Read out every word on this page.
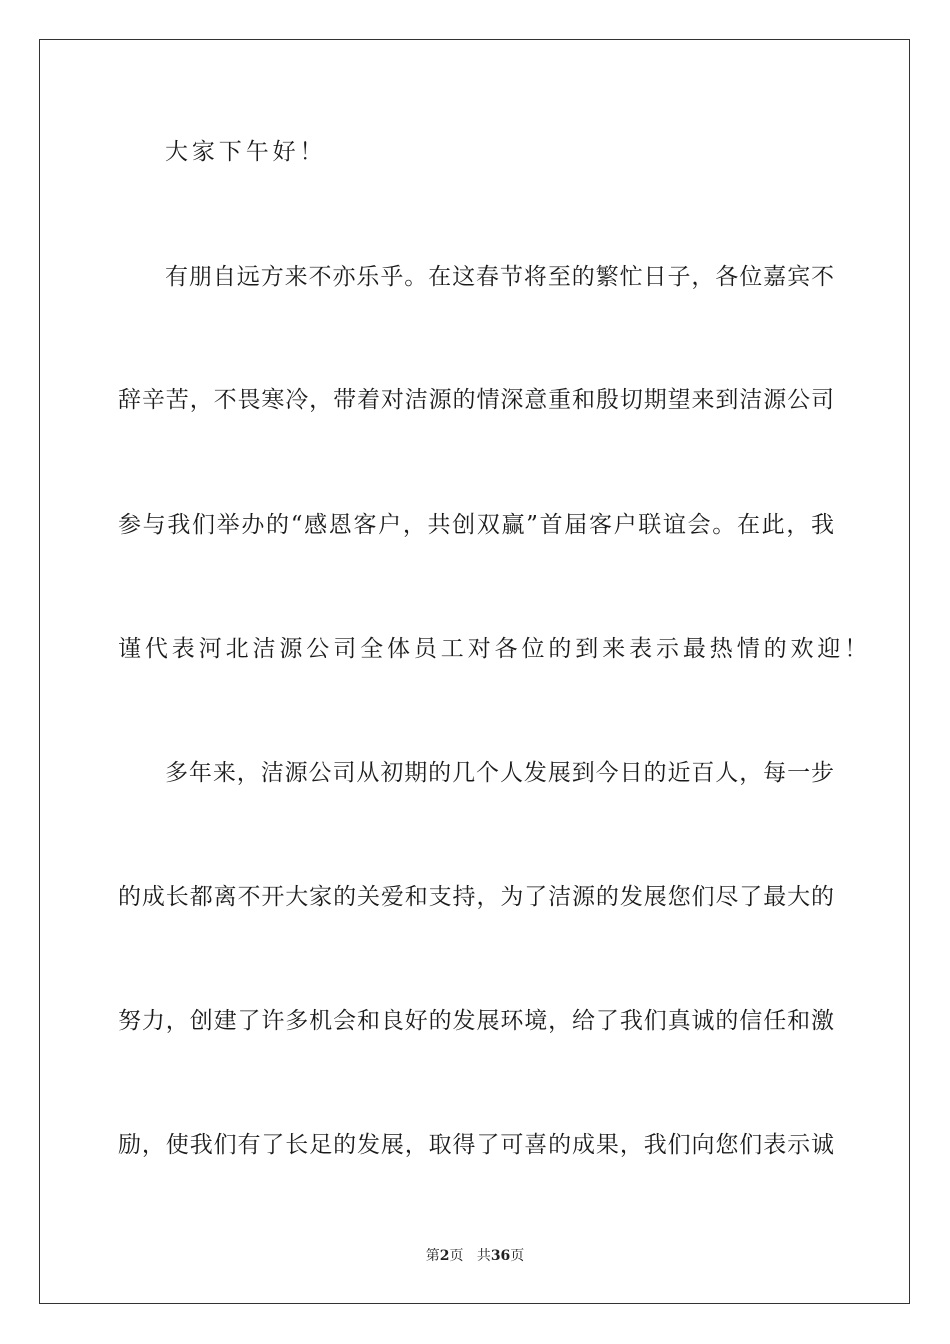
大家下午好！

有朋自远方来不亦乐乎。在这春节将至的繁忙日子，各位嘉宾不

辞辛苦，不畏寒冷，带着对洁源的情深意重和殷切期望来到洁源公司

参与我们举办的“感恩客户，共创双赢”首届客户联谊会。在此，我

谨代表河北洁源公司全体员工对各位的到来表示最热情的欢迎！

多年来，洁源公司从初期的几个人发展到今日的近百人，每一步

的成长都离不开大家的关爱和支持，为了洁源的发展您们尽了最大的

努力，创建了许多机会和良好的发展环境，给了我们真诚的信任和激

励，使我们有了长足的发展，取得了可喜的成果，我们向您们表示诚

第2页 共36页
